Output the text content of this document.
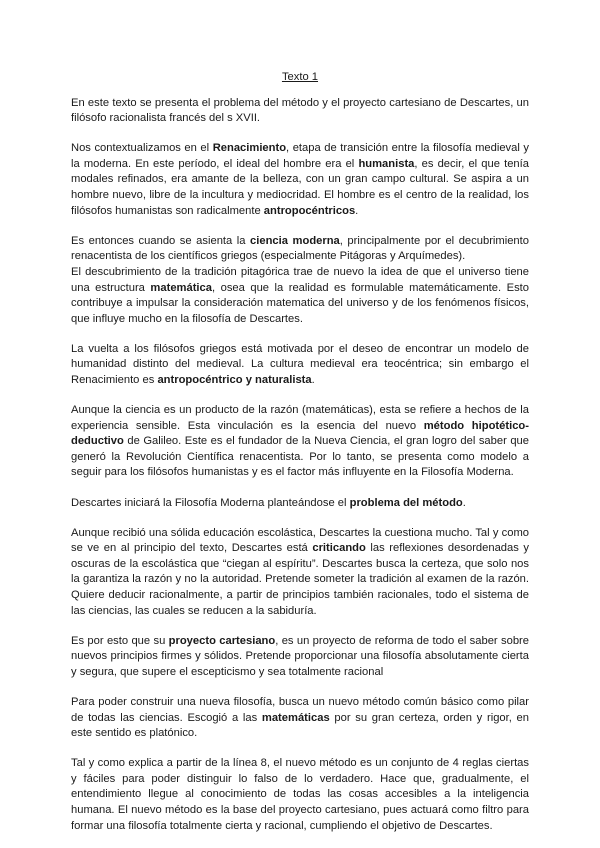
Texto 1

En este texto se presenta el problema del método y el proyecto cartesiano de Descartes, un filósofo racionalista francés del s XVII.

Nos contextualizamos en el Renacimiento, etapa de transición entre la filosofía medieval y la moderna. En este período, el ideal del hombre era el humanista, es decir, el que tenía modales refinados, era amante de la belleza, con un gran campo cultural. Se aspira a un hombre nuevo, libre de la incultura y mediocridad. El hombre es el centro de la realidad, los filósofos humanistas son radicalmente antropocéntricos.

Es entonces cuando se asienta la ciencia moderna, principalmente por el decubrimiento renacentista de los científicos griegos (especialmente Pitágoras y Arquímedes).

El descubrimiento de la tradición pitagórica trae de nuevo la idea de que el universo tiene una estructura matemática, osea que la realidad es formulable matemáticamente. Esto contribuye a impulsar la consideración matematica del universo y de los fenómenos físicos, que influye mucho en la filosofía de Descartes.

La vuelta a los filósofos griegos está motivada por el deseo de encontrar un modelo de humanidad distinto del medieval. La cultura medieval era teocéntrica; sin embargo el Renacimiento es antropocéntrico y naturalista.

Aunque la ciencia es un producto de la razón (matemáticas), esta se refiere a hechos de la experiencia sensible. Esta vinculación es la esencia del nuevo método hipotético-deductivo de Galileo. Este es el fundador de la Nueva Ciencia, el gran logro del saber que generó la Revolución Científica renacentista. Por lo tanto, se presenta como modelo a seguir para los filósofos humanistas y es el factor más influyente en la Filosofía Moderna.

Descartes iniciará la Filosofía Moderna planteándose el problema del método.

Aunque recibió una sólida educación escolástica, Descartes la cuestiona mucho. Tal y como se ve en al principio del texto, Descartes está criticando las reflexiones desordenadas y oscuras de la escolástica que “ciegan al espíritu”. Descartes busca la certeza, que solo nos la garantiza la razón y no la autoridad. Pretende someter la tradición al examen de la razón. Quiere deducir racionalmente, a partir de principios también racionales, todo el sistema de las ciencias, las cuales se reducen a la sabiduría.

Es por esto que su proyecto cartesiano, es un proyecto de reforma de todo el saber sobre nuevos principios firmes y sólidos. Pretende proporcionar una filosofía absolutamente cierta y segura, que supere el escepticismo y sea totalmente racional

Para poder construir una nueva filosofía, busca un nuevo método común básico como pilar de todas las ciencias. Escogió a las matemáticas por su gran certeza, orden y rigor, en este sentido es platónico.

Tal y como explica a partir de la línea 8, el nuevo método es un conjunto de 4 reglas ciertas y fáciles para poder distinguir lo falso de lo verdadero. Hace que, gradualmente, el entendimiento llegue al conocimiento de todas las cosas accesibles a la inteligencia humana. El nuevo método es la base del proyecto cartesiano, pues actuará como filtro para formar una filosofía totalmente cierta y racional, cumpliendo el objetivo de Descartes.
